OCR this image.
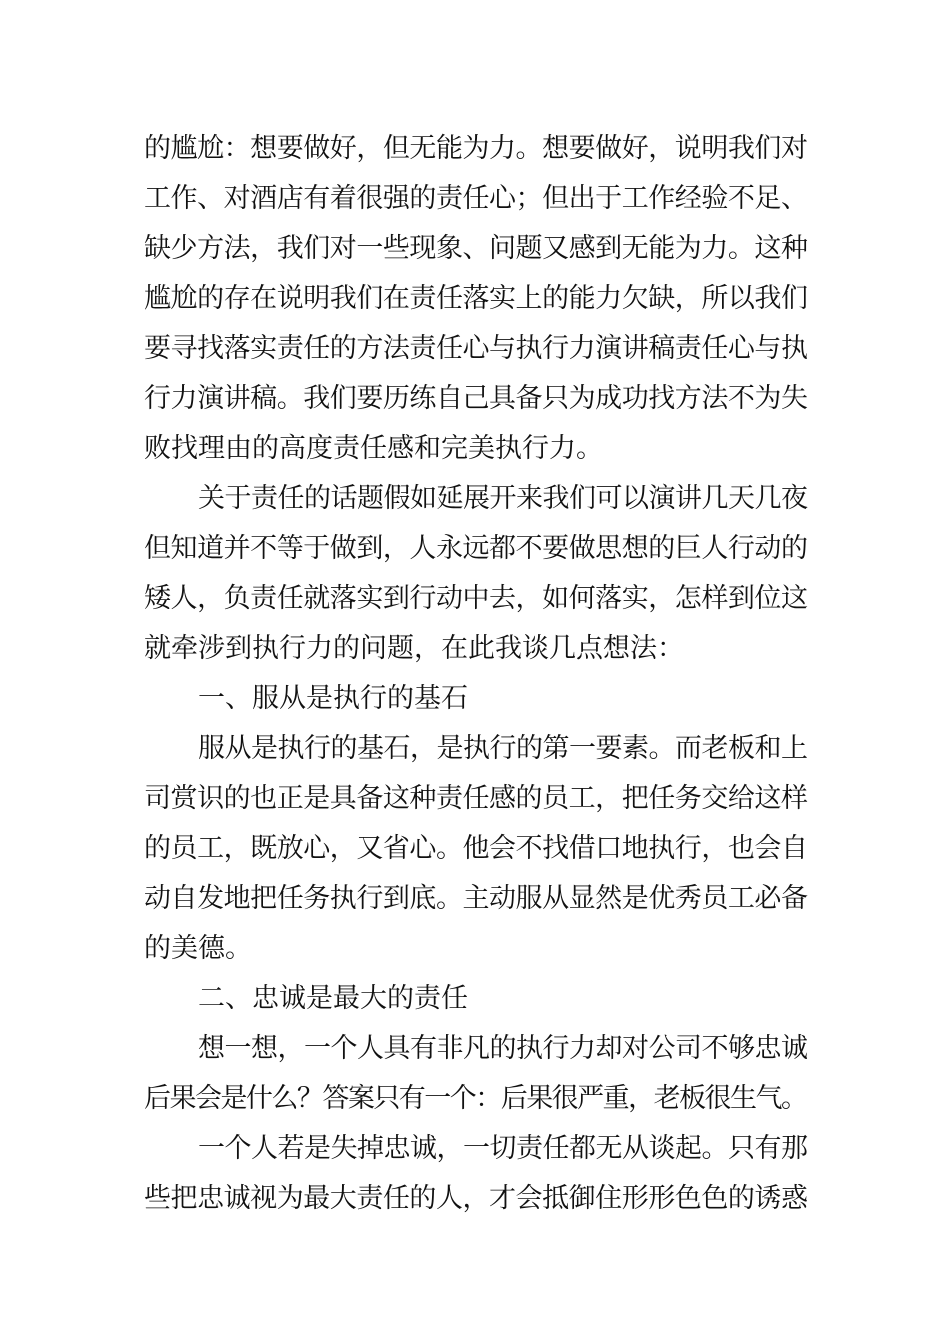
的尴尬：想要做好，但无能为力。想要做好，说明我们对
工作、对酒店有着很强的责任心；但出于工作经验不足、
缺少方法，我们对一些现象、问题又感到无能为力。这种
尴尬的存在说明我们在责任落实上的能力欠缺，所以我们
要寻找落实责任的方法责任心与执行力演讲稿责任心与执
行力演讲稿。我们要历练自己具备只为成功找方法不为失
败找理由的高度责任感和完美执行力。
关于责任的话题假如延展开来我们可以演讲几天几夜
但知道并不等于做到，人永远都不要做思想的巨人行动的
矮人，负责任就落实到行动中去，如何落实，怎样到位这
就牵涉到执行力的问题，在此我谈几点想法：
一、服从是执行的基石
服从是执行的基石，是执行的第一要素。而老板和上
司赏识的也正是具备这种责任感的员工，把任务交给这样
的员工，既放心，又省心。他会不找借口地执行，也会自
动自发地把任务执行到底。主动服从显然是优秀员工必备
的美德。
二、忠诚是最大的责任
想一想，一个人具有非凡的执行力却对公司不够忠诚
后果会是什么？答案只有一个：后果很严重，老板很生气。
一个人若是失掉忠诚，一切责任都无从谈起。只有那
些把忠诚视为最大责任的人，才会抵御住形形色色的诱惑
